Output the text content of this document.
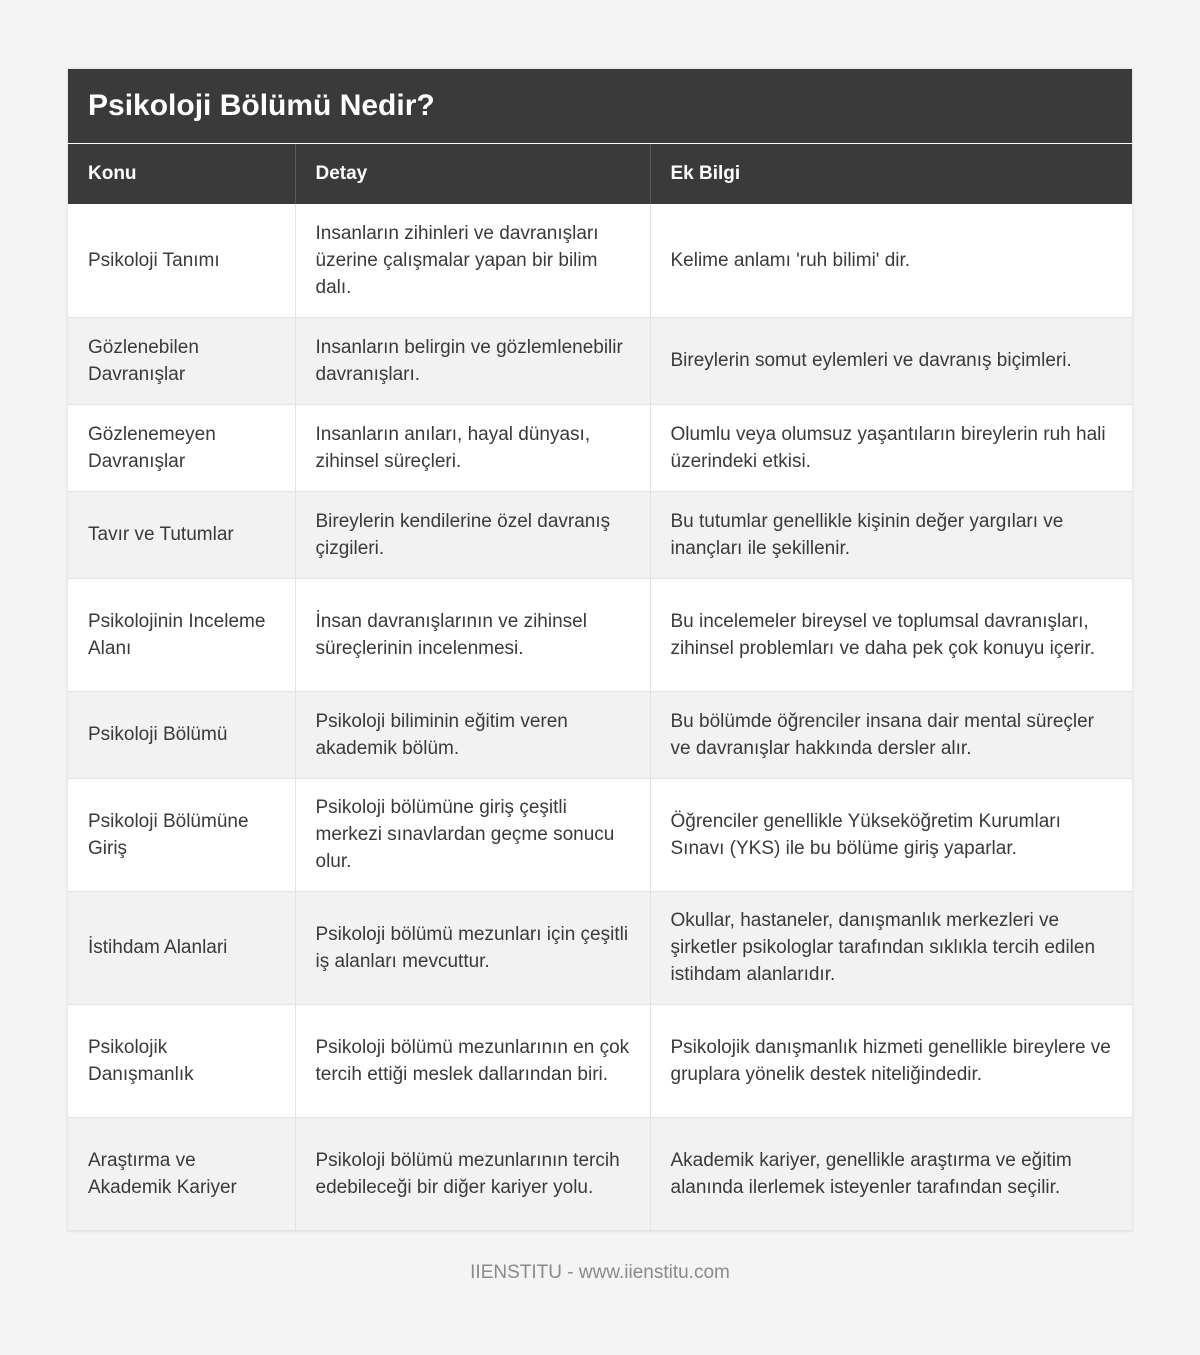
Psikoloji Bölümü Nedir?
Konu	Detay	Ek Bilgi
Psikoloji Tanımı	Insanların zihinleri ve davranışları üzerine çalışmalar yapan bir bilim dalı.	Kelime anlamı 'ruh bilimi' dir.
Gözlenebilen Davranışlar	Insanların belirgin ve gözlemlenebilir davranışları.	Bireylerin somut eylemleri ve davranış biçimleri.
Gözlenemeyen Davranışlar	Insanların anıları, hayal dünyası, zihinsel süreçleri.	Olumlu veya olumsuz yaşantıların bireylerin ruh hali üzerindeki etkisi.
Tavır ve Tutumlar	Bireylerin kendilerine özel davranış çizgileri.	Bu tutumlar genellikle kişinin değer yargıları ve inançları ile şekillenir.
Psikolojinin Inceleme Alanı	İnsan davranışlarının ve zihinsel süreçlerinin incelenmesi.	Bu incelemeler bireysel ve toplumsal davranışları, zihinsel problemları ve daha pek çok konuyu içerir.
Psikoloji Bölümü	Psikoloji biliminin eğitim veren akademik bölüm.	Bu bölümde öğrenciler insana dair mental süreçler ve davranışlar hakkında dersler alır.
Psikoloji Bölümüne Giriş	Psikoloji bölümüne giriş çeşitli merkezi sınavlardan geçme sonucu olur.	Öğrenciler genellikle Yükseköğretim Kurumları Sınavı (YKS) ile bu bölüme giriş yaparlar.
İstihdam Alanlari	Psikoloji bölümü mezunları için çeşitli iş alanları mevcuttur.	Okullar, hastaneler, danışmanlık merkezleri ve şirketler psikologlar tarafından sıklıkla tercih edilen istihdam alanlarıdır.
Psikolojik Danışmanlık	Psikoloji bölümü mezunlarının en çok tercih ettiği meslek dallarından biri.	Psikolojik danışmanlık hizmeti genellikle bireylere ve gruplara yönelik destek niteliğindedir.
Araştırma ve Akademik Kariyer	Psikoloji bölümü mezunlarının tercih edebileceği bir diğer kariyer yolu.	Akademik kariyer, genellikle araştırma ve eğitim alanında ilerlemek isteyenler tarafından seçilir.
IIENSTITU - www.iienstitu.com
